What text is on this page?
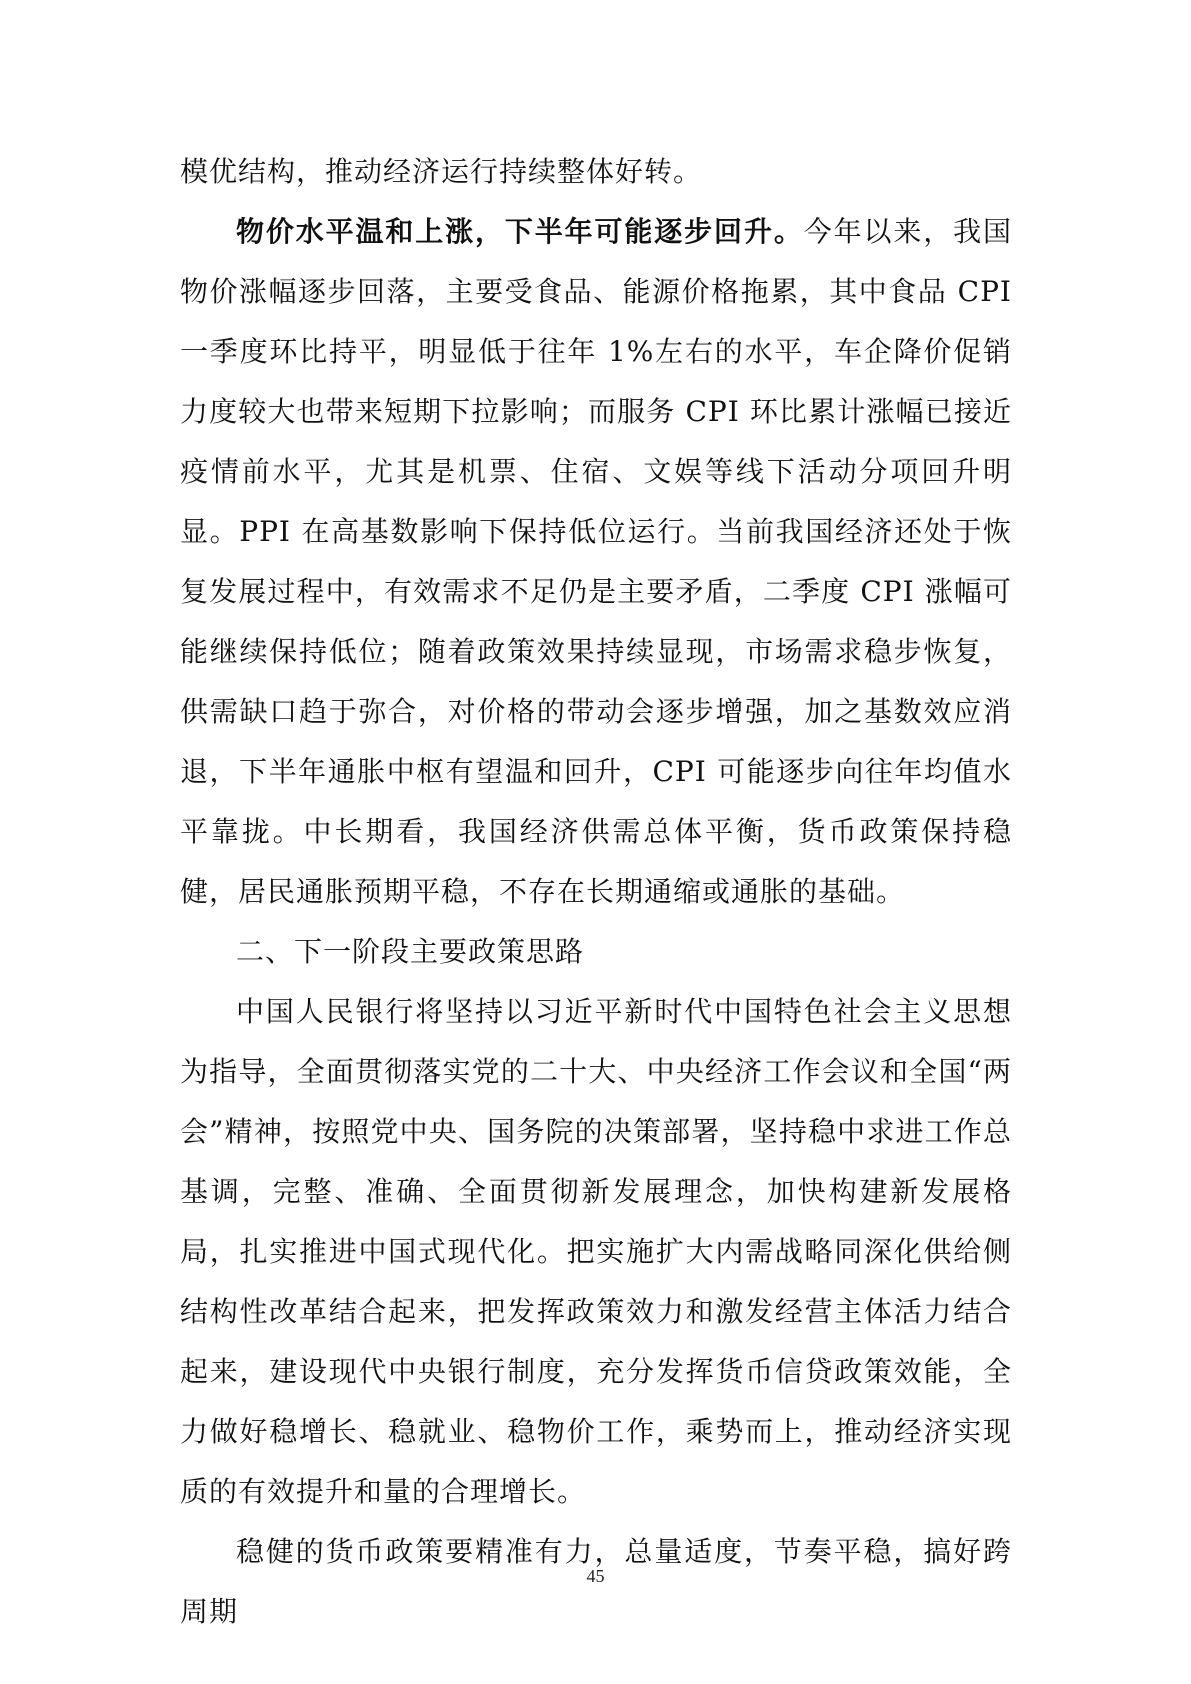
模优结构，推动经济运行持续整体好转。

物价水平温和上涨，下半年可能逐步回升。今年以来，我国物价涨幅逐步回落，主要受食品、能源价格拖累，其中食品 CPI 一季度环比持平，明显低于往年 1%左右的水平，车企降价促销力度较大也带来短期下拉影响；而服务 CPI 环比累计涨幅已接近疫情前水平，尤其是机票、住宿、文娱等线下活动分项回升明显。PPI 在高基数影响下保持低位运行。当前我国经济还处于恢复发展过程中，有效需求不足仍是主要矛盾，二季度 CPI 涨幅可能继续保持低位；随着政策效果持续显现，市场需求稳步恢复，供需缺口趋于弥合，对价格的带动会逐步增强，加之基数效应消退，下半年通胀中枢有望温和回升，CPI 可能逐步向往年均值水平靠拢。中长期看，我国经济供需总体平衡，货币政策保持稳健，居民通胀预期平稳，不存在长期通缩或通胀的基础。

二、下一阶段主要政策思路

中国人民银行将坚持以习近平新时代中国特色社会主义思想为指导，全面贯彻落实党的二十大、中央经济工作会议和全国“两会”精神，按照党中央、国务院的决策部署，坚持稳中求进工作总基调，完整、准确、全面贯彻新发展理念，加快构建新发展格局，扎实推进中国式现代化。把实施扩大内需战略同深化供给侧结构性改革结合起来，把发挥政策效力和激发经营主体活力结合起来，建设现代中央银行制度，充分发挥货币信贷政策效能，全力做好稳增长、稳就业、稳物价工作，乘势而上，推动经济实现质的有效提升和量的合理增长。

稳健的货币政策要精准有力，总量适度，节奏平稳，搞好跨周期

45
